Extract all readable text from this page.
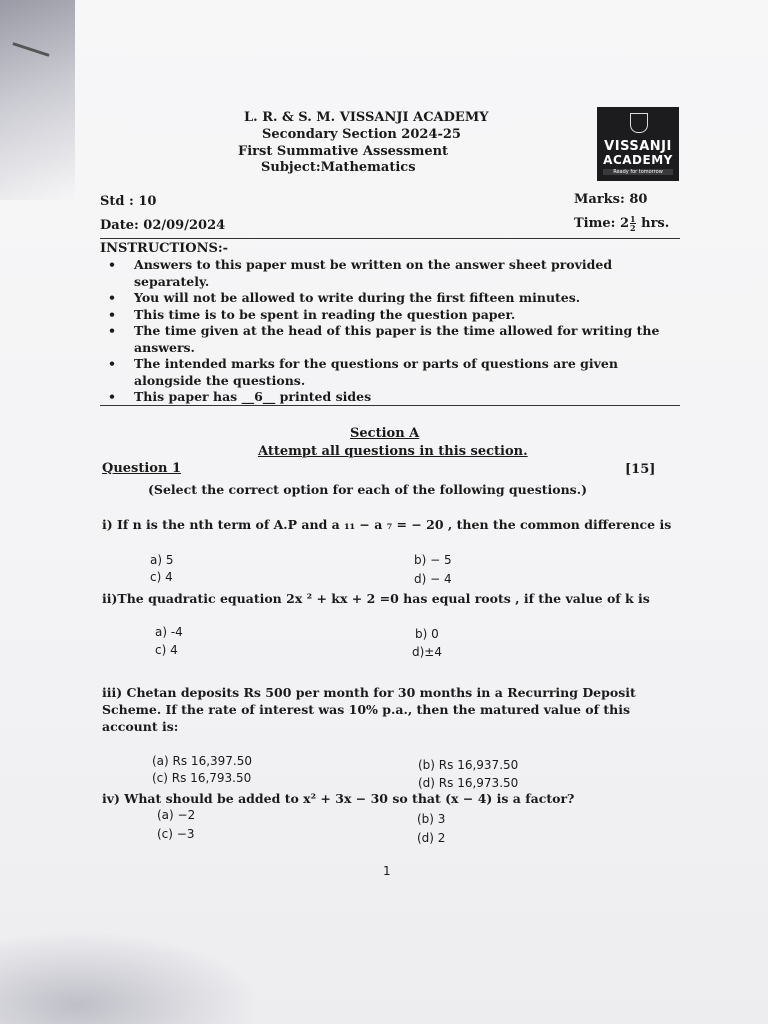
L. R. & S. M. VISSANJI ACADEMY
Secondary Section 2024-25
First Summative Assessment
Subject:Mathematics
VISSANJI
ACADEMY
Ready for tomorrow
Std : 10
Date: 02/09/2024
Marks: 80
Time: $2 \frac{1}{2}$ hrs.
INSTRUCTIONS:-
• Answers to this paper must be written on the answer sheet provided separately.
• You will not be allowed to write during the first fifteen minutes.
• This time is to be spent in reading the question paper.
• The time given at the head of this paper is the time allowed for writing the answers.
• The intended marks for the questions or parts of questions are given alongside the questions.
• This paper has __6__ printed sides
Section A
Attempt all questions in this section.
Question 1	[15]
(Select the correct option for each of the following questions.)
i) If n is the nth term of A.P and a ₁₁ − a ₇ = − 20 , then the common difference is
a) 5	b) − 5
c) 4	d) − 4
ii)The quadratic equation 2x ² + kx + 2 =0 has equal roots , if the value of k is
a) -4	b) 0
c) 4	d)±4
iii) Chetan deposits Rs 500 per month for 30 months in a Recurring Deposit Scheme. If the rate of interest was 10% p.a., then the matured value of this account is:
(a) Rs 16,397.50	(b) Rs 16,937.50
(c) Rs 16,793.50	(d) Rs 16,973.50
iv) What should be added to x² + 3x − 30 so that (x − 4) is a factor?
(a) −2	(b) 3
(c) −3	(d) 2
1
